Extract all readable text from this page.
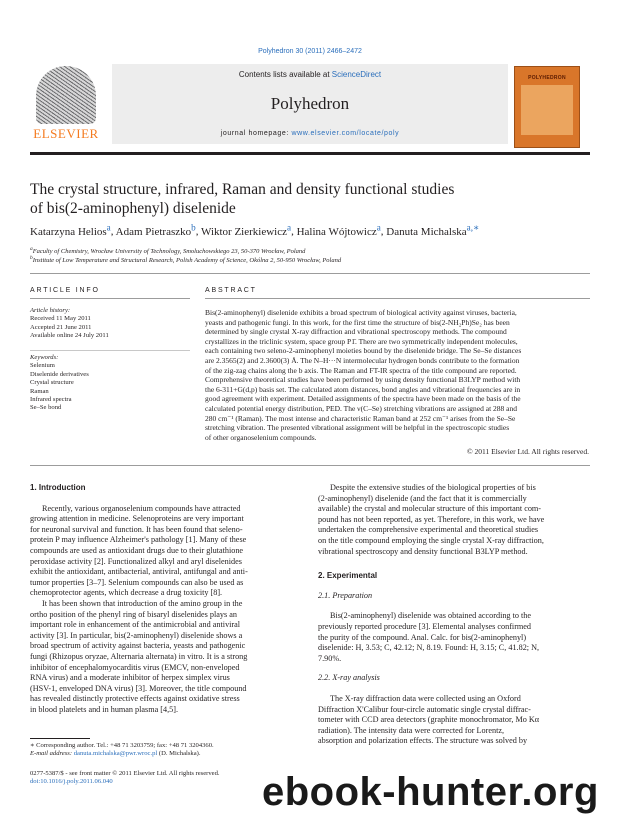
Polyhedron 30 (2011) 2466–2472
ELSEVIER
Contents lists available at ScienceDirect
Polyhedron
journal homepage: www.elsevier.com/locate/poly
POLYHEDRON
The crystal structure, infrared, Raman and density functional studies
of bis(2-aminophenyl) diselenide
Katarzyna Helios$^a$, Adam Pietraszko$^b$, Wiktor Zierkiewicz$^a$, Halina Wójtowicz$^a$, Danuta Michalska$^{a,∗}$
$^a$Faculty of Chemistry, Wrocław University of Technology, Smoluchowskiego 23, 50-370 Wrocław, Poland
$^b$Institute of Low Temperature and Structural Research, Polish Academy of Science, Okólna 2, 50-950 Wrocław, Poland
ARTICLE INFO
Article history:
Received 11 May 2011
Accepted 21 June 2011
Available online 24 July 2011
Keywords:
Selenium
Diselenide derivatives
Crystal structure
Raman
Infrared spectra
Se–Se bond
ABSTRACT
Bis(2-aminophenyl) diselenide exhibits a broad spectrum of biological activity against viruses, bacteria,
yeasts and pathogenic fungi. In this work, for the first time the structure of bis(2-NH₂Ph)Se₂ has been
determined by single crystal X-ray diffraction and vibrational spectroscopy methods. The compound
crystallizes in the triclinic system, space group P1̄. There are two symmetrically independent molecules,
each containing two seleno-2-aminophenyl moieties bound by the diselenide bridge. The Se–Se distances
are 2.3565(2) and 2.3600(3) Å. The N–H···N intermolecular hydrogen bonds contribute to the formation
of the zig-zag chains along the b axis. The Raman and FT-IR spectra of the title compound are reported.
Comprehensive theoretical studies have been performed by using density functional B3LYP method with
the 6-311+G(d,p) basis set. The calculated atom distances, bond angles and vibrational frequencies are in
good agreement with experiment. Detailed assignments of the spectra have been made on the basis of the
calculated potential energy distribution, PED. The ν(C–Se) stretching vibrations are assigned at 288 and
280 cm⁻¹ (Raman). The most intense and characteristic Raman band at 252 cm⁻¹ arises from the Se–Se
stretching vibration. The presented vibrational assignment will be helpful in the spectroscopic studies
of other organoselenium compounds.
© 2011 Elsevier Ltd. All rights reserved.
1. Introduction
Recently, various organoselenium compounds have attracted
growing attention in medicine. Selenoproteins are very important
for neuronal survival and function. It has been found that seleno-
protein P may influence Alzheimer's pathology [1]. Many of these
compounds are used as antioxidant drugs due to their glutathione
peroxidase activity [2]. Functionalized alkyl and aryl diselenides
exhibit the antioxidant, antibacterial, antiviral, antifungal and anti-
tumor properties [3–7]. Selenium compounds can also be used as
chemoprotector agents, which decrease a drug toxicity [8].
It has been shown that introduction of the amino group in the
ortho position of the phenyl ring of bisaryl diselenides plays an
important role in enhancement of the antimicrobial and antiviral
activity [3]. In particular, bis(2-aminophenyl) diselenide shows a
broad spectrum of activity against bacteria, yeasts and pathogenic
fungi (Rhizopus oryzae, Alternaria alternata) in vitro. It is a strong
inhibitor of encephalomyocarditis virus (EMCV, non-enveloped
RNA virus) and a moderate inhibitor of herpex simplex virus
(HSV-1, enveloped DNA virus) [3]. Moreover, the title compound
has revealed distinctly protective effects against oxidative stress
in blood platelets and in human plasma [4,5].
∗ Corresponding author. Tel.: +48 71 3203759; fax: +48 71 3204360.
E-mail address: danuta.michalska@pwr.wroc.pl (D. Michalska).
0277-5387/$ - see front matter © 2011 Elsevier Ltd. All rights reserved.
doi:10.1016/j.poly.2011.06.040
Despite the extensive studies of the biological properties of bis
(2-aminophenyl) diselenide (and the fact that it is commercially
available) the crystal and molecular structure of this important com-
pound has not been reported, as yet. Therefore, in this work, we have
undertaken the comprehensive experimental and theoretical studies
on the title compound employing the single crystal X-ray diffraction,
vibrational spectroscopy and density functional B3LYP method.
2. Experimental
2.1. Preparation
Bis(2-aminophenyl) diselenide was obtained according to the
previously reported procedure [3]. Elemental analyses confirmed
the purity of the compound. Anal. Calc. for bis(2-aminophenyl)
diselenide: H, 3.53; C, 42.12; N, 8.19. Found: H, 3.15; C, 41.82; N,
7.90%.
2.2. X-ray analysis
The X-ray diffraction data were collected using an Oxford
Diffraction X'Calibur four-circle automatic single crystal diffrac-
tometer with CCD area detectors (graphite monochromator, Mo Kα
radiation). The intensity data were corrected for Lorentz,
absorption and polarization effects. The structure was solved by
ebook-hunter.org
